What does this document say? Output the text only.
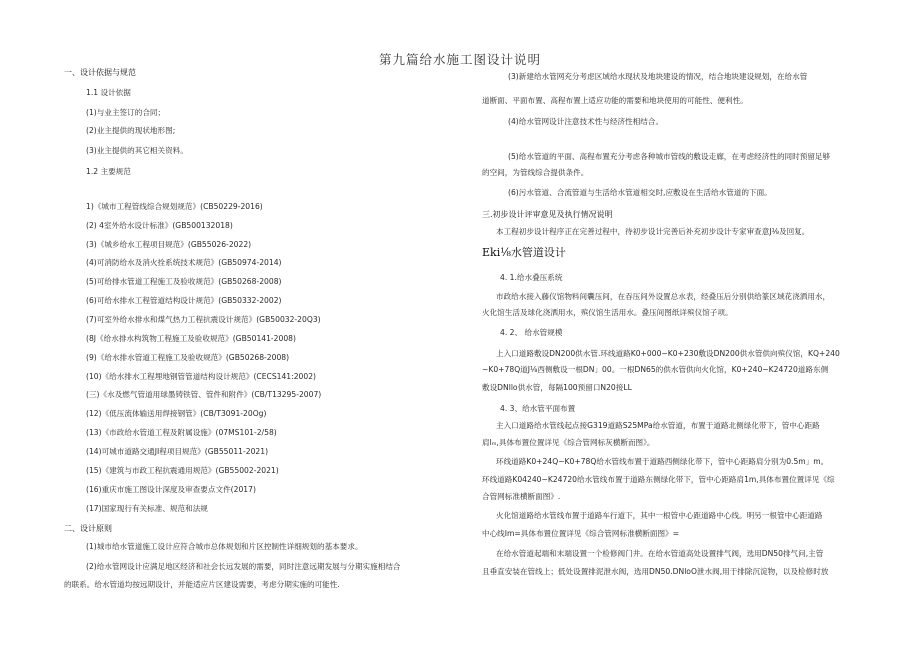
第九篇给水施工图设计说明
一、设计依据与规范
1.1 设计依据
(1)与业主签订的合同；
(2)业主提供的现状地形图;
(3)业主提供的其它相关资料。
1.2 主要规范
1)《城市工程管线综合规划规范》(CB50229-2016)
(2) 4室外给水设计标准》(GB500132018)
(3)《城乡给水工程项目规范》(GB55026-2022)
(4)可消防给水及消火拴系统技术规范》(GB50974-2014)
(5)可给排水管道工程施工及验收规范》(GB50268-2008)
(6)可给水排水工程管道结构设计规范》(GB50332-2002)
(7)可室外给水排水和煤气热力工程抗震设计规范》(GB50032-20Q3)
(8J《给水排水构筑物工程施工及验收规范》(GB50141-2008)
(9)《给水排水管道工程施工及验收规范》(GB50268-2008)
(10)《给水排水工程埋地钢管管道结构设计规范》(CECS141:2002)
(三)《水及燃气管道用球墨铸铁管、管件和附件》(CB/T13295-2007)
(12)《低压流体输送用焊接钢管》(CB/T3091-20Og)
(13)《市政给水管道工程及附属设施》(07MS101-2/58)
(14)可城市道路交通JI程项目规范》(GB55011-2021)
(15)《建筑与市政工程抗震通用规范》(GB55002-2021)
(16)重庆市施工图设计深度及审查要点文件(2017)
(17)国家现行有关标准、规范和法规
二、设计原则
(1)城市给水管道施工设计应符合城市总体规划和片区控制性详细规划的基本要求。
(2)给水管网设计应满足地区经济和社会长远发展的需要，同时注意远期发展与分期实施相结合
的联系。给水管道均按远期设计，并能适应片区建设需要，考虑分期实施的可能性.
(3)新建给水管网充分考虑区域给水现状及地块建设的情况，结合地块建设规划，在给水管
道断面、平面布置、高程布置上适应功能的需要和地块使用的可能性、便利性。
(4)给水管网设计注意技术性与经济性相结合。
(5)给水管道的平面、高程布置充分考虑各种城市管线的敷设走廊，在考虑经济性的同时预留足够
的空间，为管线综合提供条件。
(6)污水管道、合流管道与生活给水管道相交时,应敷设在生活给水管道的下面。
三.初步设计评审意见及执行情况说明
本工程初步设计程序正在完善过程中，待初步设计完善后补充初步设计专家审查意J⅛及回复。
Eki⅛水管道设计
4. 1.给水叠压系统
市政给水接入藤仪馆物料间囊压间，在吞压间外设置总水表，经叠压后分别供给篆区域花浇洒用水，
火化馆生活及球化浇洒用水，殡仪馆生活用水。叠压间图纸详殡仪馆子项。
4. 2、 给水管规模
上入口道路敷设DN200供水管.环线道路K0+000~K0+230敷设DN200供水管供向殡仪馆，KQ+240
~K0+78Q道J⅛西侧敷设一根DN」00。一根DN65的供水管供向火化馆，K0+240~K24720道路东侧
敷设DNllo供水管，每隔100预留口N20接LL
4. 3、给水管平面布置
主入口道路给水管线起点接G319道路S25MPa给水管道，布置于道路北侧绿化带下，管中心距路
肩lₘ,具体布置位置详见《综合管网标灰横断而图》。
环线道路K0+24Q~K0+78Q给水管线布置于道路西侧绿化带下，管中心距路肩分别为0.5m」m。
环线道路K04240~K24720给水管线布置于道路东侧绿化带下，管中心距路肩1m,具体布置位置详见《综
合管网标准横断面图》.
火化馆道路给水管线布置于道路车行道下，其中一根管中心距道路中心线。明另一根管中心距道路
中心线Im=具体布置位置详见《综合管网标准横断面图》=
在给水管道起端和末端设置一个检修阀门井。在给水管道高处设置排气阀，选用DN50排气问,主管
且垂直安装在管线上；低处设置排泥泄水阀，选用DN50.DNloO泄水阀,用于排除沉淀物，以及检修时放
